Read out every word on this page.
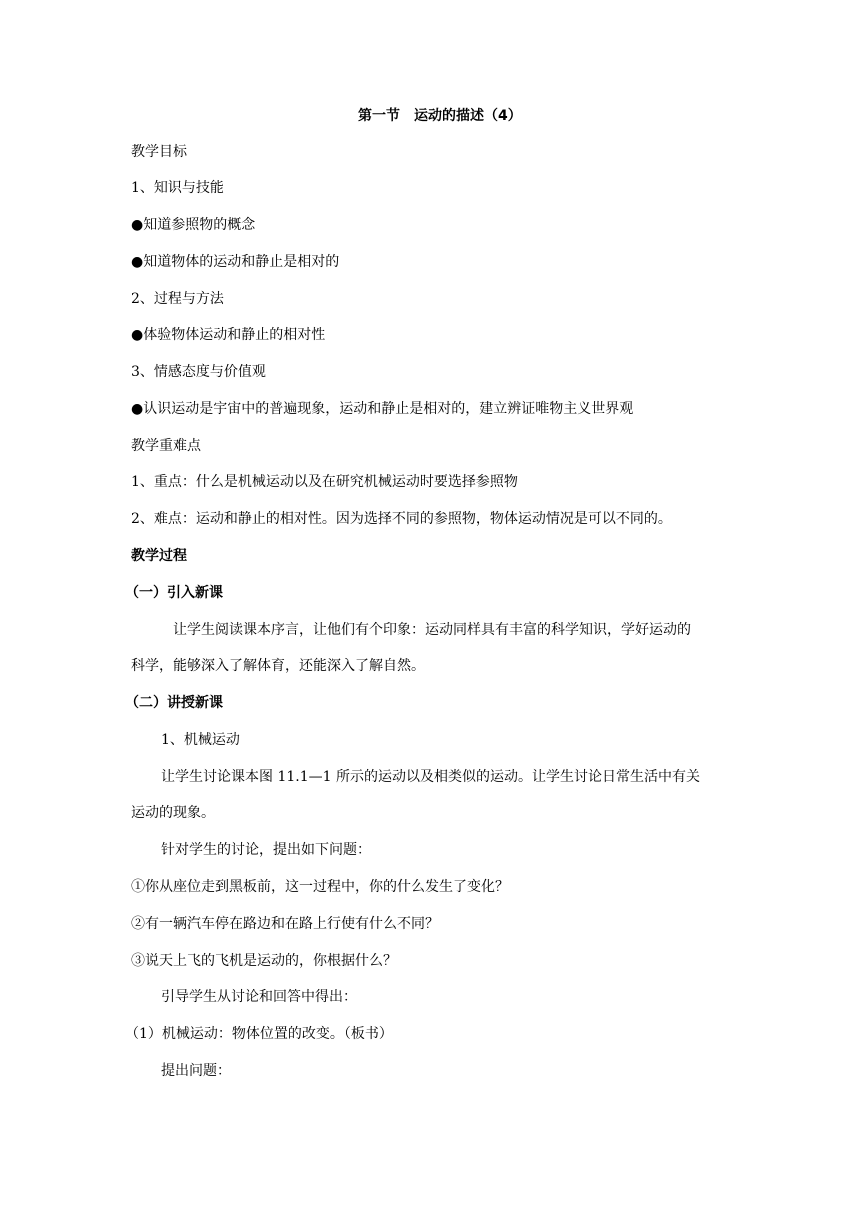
第一节　运动的描述（4）
教学目标
1、知识与技能
●知道参照物的概念
●知道物体的运动和静止是相对的
2、过程与方法
●体验物体运动和静止的相对性
3、情感态度与价值观
●认识运动是宇宙中的普遍现象，运动和静止是相对的，建立辨证唯物主义世界观
教学重难点
1、重点：什么是机械运动以及在研究机械运动时要选择参照物
2、难点：运动和静止的相对性。因为选择不同的参照物，物体运动情况是可以不同的。
教学过程
（一）引入新课
让学生阅读课本序言，让他们有个印象：运动同样具有丰富的科学知识，学好运动的
科学，能够深入了解体育，还能深入了解自然。
（二）讲授新课
1、机械运动
让学生讨论课本图 11.1—1 所示的运动以及相类似的运动。让学生讨论日常生活中有关
运动的现象。
针对学生的讨论，提出如下问题：
①你从座位走到黑板前，这一过程中，你的什么发生了变化？
②有一辆汽车停在路边和在路上行使有什么不同？
③说天上飞的飞机是运动的，你根据什么？
引导学生从讨论和回答中得出：
（1）机械运动：物体位置的改变。（板书）
提出问题：
